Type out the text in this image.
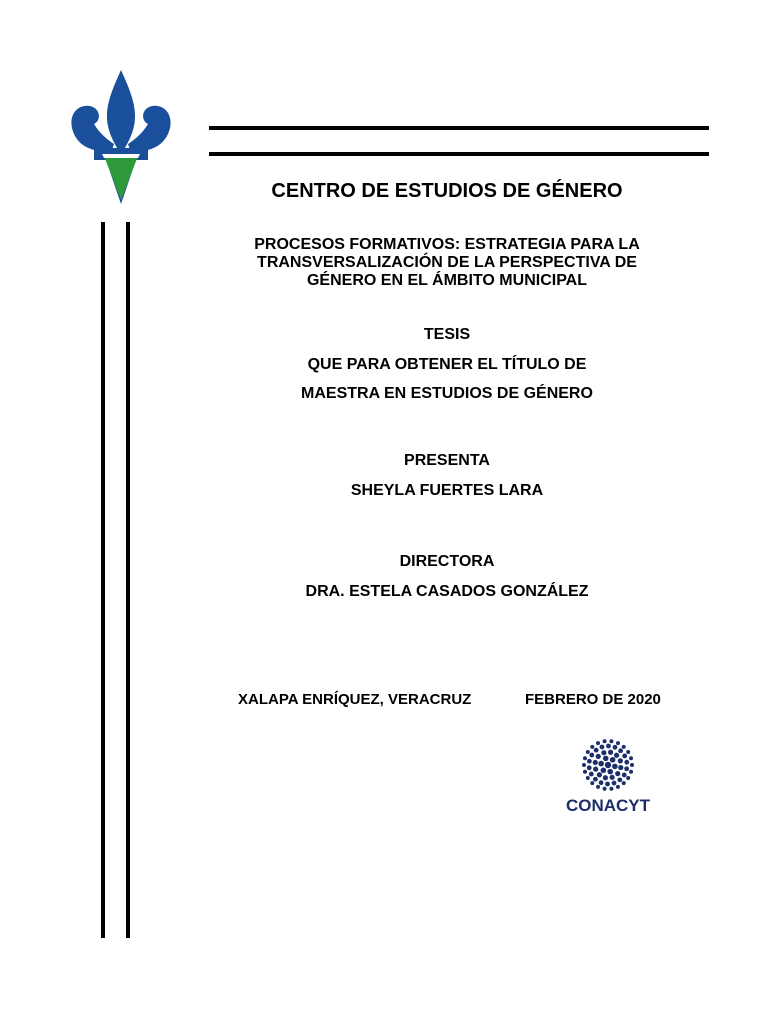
CENTRO DE ESTUDIOS DE GÉNERO
PROCESOS FORMATIVOS: ESTRATEGIA PARA LA
TRANSVERSALIZACIÓN DE LA PERSPECTIVA DE
GÉNERO EN EL ÁMBITO MUNICIPAL
TESIS
QUE PARA OBTENER EL TÍTULO DE
MAESTRA EN ESTUDIOS DE GÉNERO
PRESENTA
SHEYLA FUERTES LARA
DIRECTORA
DRA. ESTELA CASADOS GONZÁLEZ
XALAPA ENRÍQUEZ, VERACRUZ	FEBRERO DE 2020
CONACYT
